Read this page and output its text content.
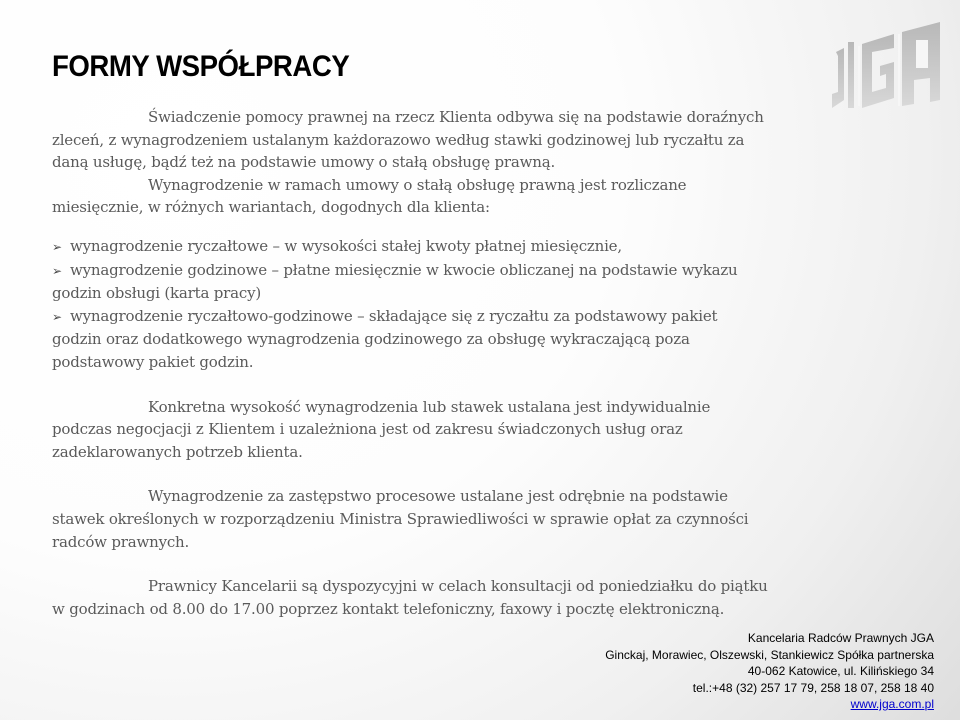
FORMY WSPÓŁPRACY

Świadczenie pomocy prawnej na rzecz Klienta odbywa się na podstawie doraźnych zleceń, z wynagrodzeniem ustalanym każdorazowo według stawki godzinowej lub ryczałtu za daną usługę, bądź też na podstawie umowy o stałą obsługę prawną.

Wynagrodzenie w ramach umowy o stałą obsługę prawną jest rozliczane miesięcznie, w różnych wariantach, dogodnych dla klienta:

➢ wynagrodzenie ryczałtowe – w wysokości stałej kwoty płatnej miesięcznie,
➢ wynagrodzenie godzinowe – płatne miesięcznie w kwocie obliczanej na podstawie wykazu godzin obsługi (karta pracy)
➢ wynagrodzenie ryczałtowo-godzinowe – składające się z ryczałtu za podstawowy pakiet godzin oraz dodatkowego wynagrodzenia godzinowego za obsługę wykraczającą poza podstawowy pakiet godzin.

Konkretna wysokość wynagrodzenia lub stawek ustalana jest indywidualnie podczas negocjacji z Klientem i uzależniona jest od zakresu świadczonych usług oraz zadeklarowanych potrzeb klienta.

Wynagrodzenie za zastępstwo procesowe ustalane jest odrębnie na podstawie stawek określonych w rozporządzeniu Ministra Sprawiedliwości w sprawie opłat za czynności radców prawnych.

Prawnicy Kancelarii są dyspozycyjni w celach konsultacji od poniedziałku do piątku w godzinach od 8.00 do 17.00 poprzez kontakt telefoniczny, faxowy i pocztę elektroniczną.

Kancelaria Radców Prawnych JGA
Ginckaj, Morawiec, Olszewski, Stankiewicz Spółka partnerska
40-062 Katowice, ul. Kilińskiego 34
tel.:+48 (32) 257 17 79, 258 18 07, 258 18 40
www.jga.com.pl
